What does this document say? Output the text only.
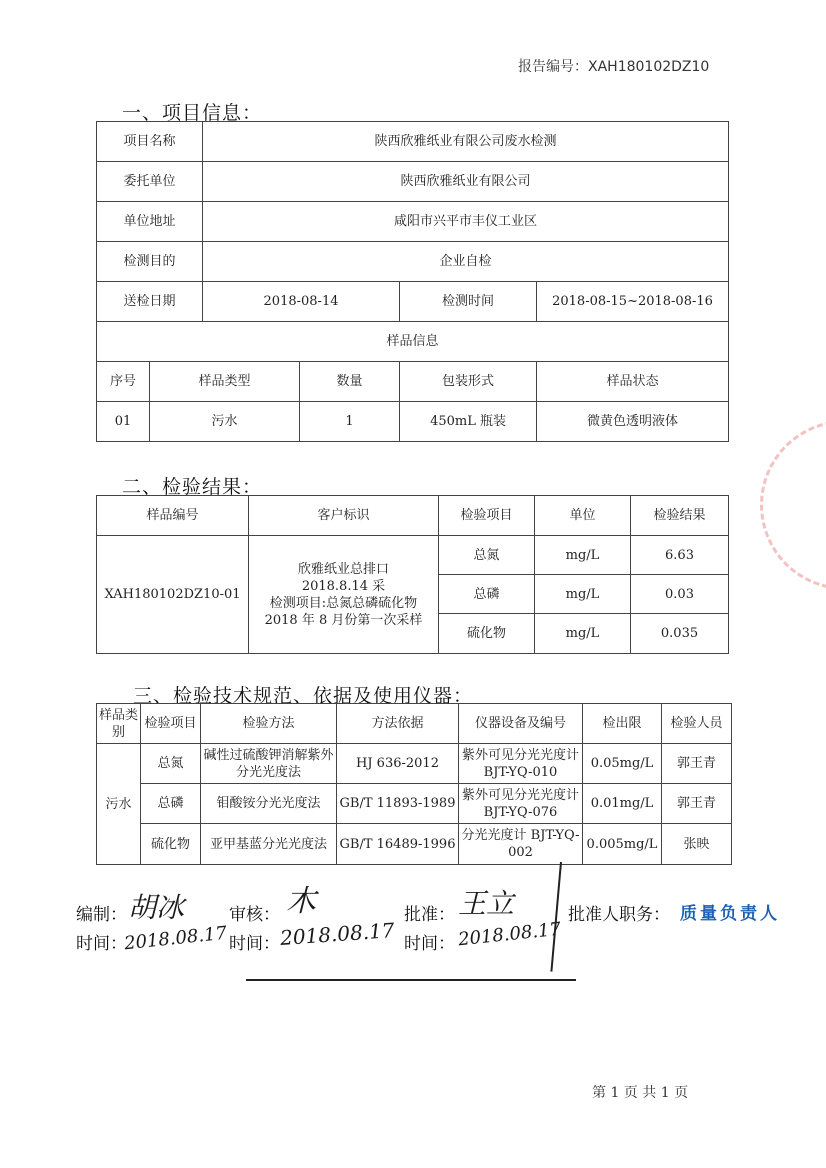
报告编号：XAH180102DZ10
一、项目信息：
项目名称		陕西欣雅纸业有限公司废水检测			
委托单位		陕西欣雅纸业有限公司			
单位地址		咸阳市兴平市丰仪工业区			
检测目的		企业自检			
送检日期		2018-08-14		检测时间	2018-08-15~2018-08-16
样品信息					
序号	样品类型		数量	包装形式	样品状态
01	污水		1	450mL 瓶装	微黄色透明液体
二、检验结果：
样品编号	客户标识	检验项目	单位	检验结果
XAH180102DZ10-01	欣雅纸业总排口
2018.8.14 采
检测项目:总氮总磷硫化物
2018 年 8 月份第一次采样	总氮	mg/L	6.63
		总磷	mg/L	0.03
		硫化物	mg/L	0.035
三、检验技术规范、依据及使用仪器：
样品类别	检验项目	检验方法	方法依据	仪器设备及编号	检出限	检验人员
污水	总氮	碱性过硫酸钾消解紫外分光光度法	HJ 636-2012	紫外可见分光光度计 BJT-YQ-010	0.05mg/L	郭王青
	总磷	钼酸铵分光光度法	GB/T 11893-1989	紫外可见分光光度计 BJT-YQ-076	0.01mg/L	郭王青
	硫化物	亚甲基蓝分光光度法	GB/T 16489-1996	分光光度计 BJT-YQ-002	0.005mg/L	张映
编制： 胡冰
时间：
2018.08.17
审核： 木
时间： 2018.08.17
批准： 王立
时间： 2018.08.17
批准人职务： 质量负责人
第 1 页 共 1 页
